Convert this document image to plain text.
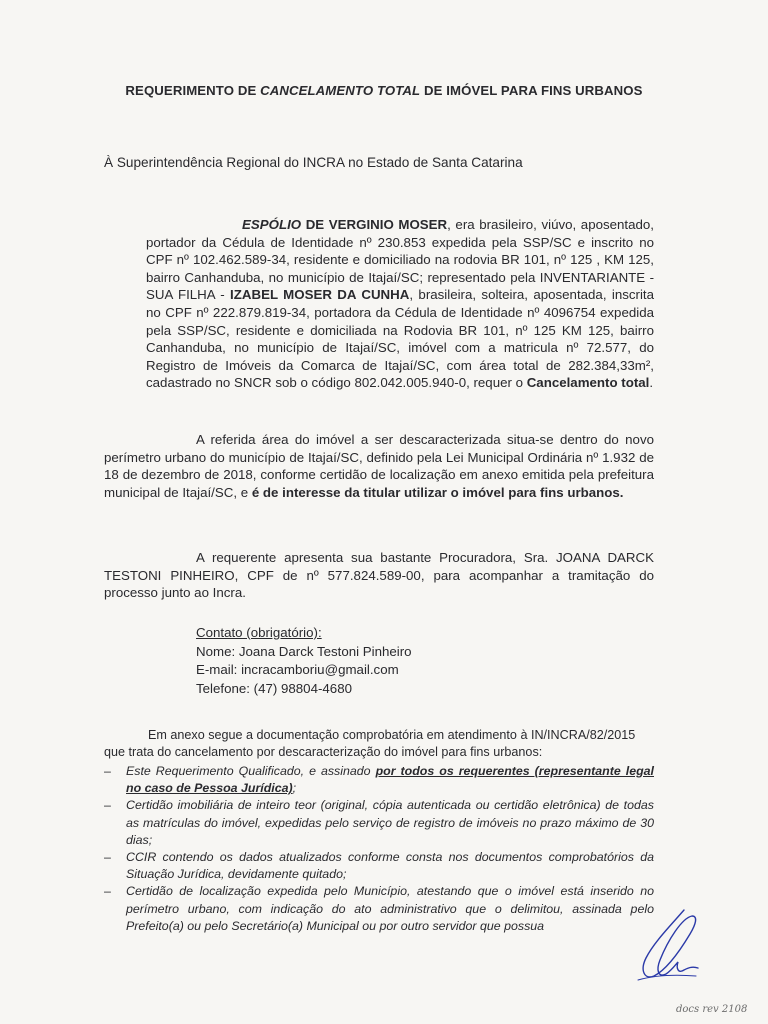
REQUERIMENTO DE CANCELAMENTO TOTAL DE IMÓVEL PARA FINS URBANOS
À Superintendência Regional do INCRA no Estado de Santa Catarina

ESPÓLIO DE VERGINIO MOSER, era brasileiro, viúvo, aposentado, portador da Cédula de Identidade nº 230.853 expedida pela SSP/SC e inscrito no CPF nº 102.462.589-34, residente e domiciliado na rodovia BR 101, nº 125 , KM 125, bairro Canhanduba, no município de Itajaí/SC; representado pela INVENTARIANTE - SUA FILHA - IZABEL MOSER DA CUNHA, brasileira, solteira, aposentada, inscrita no CPF nº 222.879.819-34, portadora da Cédula de Identidade nº 4096754 expedida pela SSP/SC, residente e domiciliada na Rodovia BR 101, nº 125 KM 125, bairro Canhanduba, no município de Itajaí/SC, imóvel com a matricula nº 72.577, do Registro de Imóveis da Comarca de Itajaí/SC, com área total de 282.384,33m², cadastrado no SNCR sob o código 802.042.005.940-0, requer o Cancelamento total.

A referida área do imóvel a ser descaracterizada situa-se dentro do novo perímetro urbano do município de Itajaí/SC, definido pela Lei Municipal Ordinária nº 1.932 de 18 de dezembro de 2018, conforme certidão de localização em anexo emitida pela prefeitura municipal de Itajaí/SC, e é de interesse da titular utilizar o imóvel para fins urbanos.

A requerente apresenta sua bastante Procuradora, Sra. JOANA DARCK TESTONI PINHEIRO, CPF de nº 577.824.589-00, para acompanhar a tramitação do processo junto ao Incra.

Contato (obrigatório):
Nome: Joana Darck Testoni Pinheiro
E-mail: incracamboriu@gmail.com
Telefone: (47) 98804-4680

Em anexo segue a documentação comprobatória em atendimento à IN/INCRA/82/2015 que trata do cancelamento por descaracterização do imóvel para fins urbanos:

– Este Requerimento Qualificado, e assinado por todos os requerentes (representante legal no caso de Pessoa Jurídica);
– Certidão imobiliária de inteiro teor (original, cópia autenticada ou certidão eletrônica) de todas as matrículas do imóvel, expedidas pelo serviço de registro de imóveis no prazo máximo de 30 dias;
– CCIR contendo os dados atualizados conforme consta nos documentos comprobatórios da Situação Jurídica, devidamente quitado;
– Certidão de localização expedida pelo Município, atestando que o imóvel está inserido no perímetro urbano, com indicação do ato administrativo que o delimitou, assinada pelo Prefeito(a) ou pelo Secretário(a) Municipal ou por outro servidor que possua
docs rev 2108
